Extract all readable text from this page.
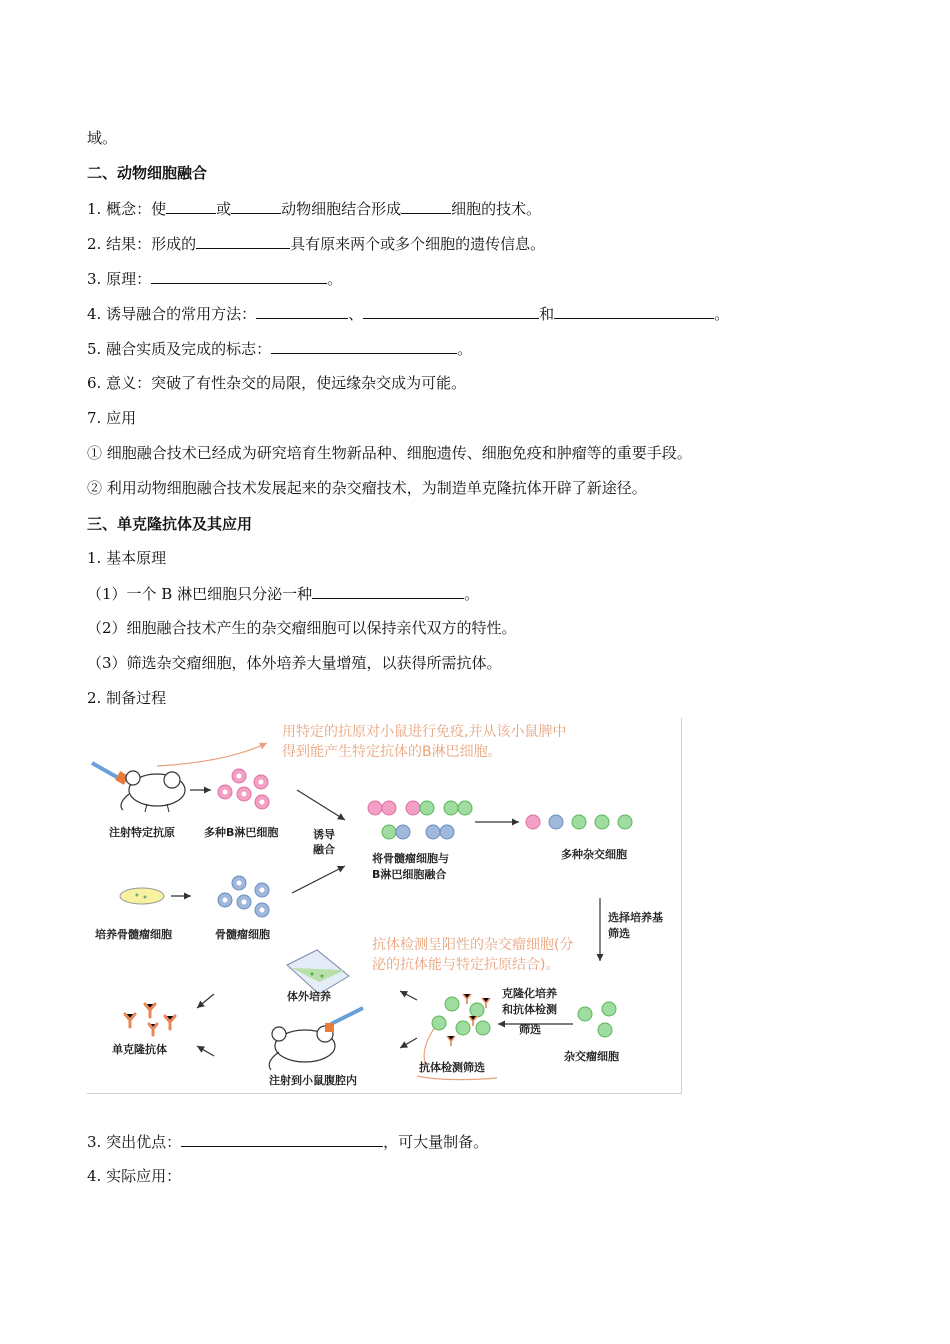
域。
二、动物细胞融合
1. 概念：使	或	动物细胞结合形成	细胞的技术。
2. 结果：形成的	具有原来两个或多个细胞的遗传信息。
3. 原理：	。
4. 诱导融合的常用方法：	、	和	。
5. 融合实质及完成的标志：	。
6. 意义：突破了有性杂交的局限，使远缘杂交成为可能。
7. 应用
① 细胞融合技术已经成为研究培育生物新品种、细胞遗传、细胞免疫和肿瘤等的重要手段。
② 利用动物细胞融合技术发展起来的杂交瘤技术，为制造单克隆抗体开辟了新途径。
三、单克隆抗体及其应用
1. 基本原理
（1）一个 B 淋巴细胞只分泌一种	。
（2）细胞融合技术产生的杂交瘤细胞可以保持亲代双方的特性。
（3）筛选杂交瘤细胞，体外培养大量增殖，以获得所需抗体。
2. 制备过程
用特定的抗原对小鼠进行免疫,并从该小鼠脾中
得到能产生特定抗体的B淋巴细胞。
注射特定抗原	多种B淋巴细胞	诱导
融合
将骨髓瘤细胞与
B淋巴细胞融合
多种杂交细胞
培养骨髓瘤细胞	骨髓瘤细胞
选择培养基
筛选
抗体检测呈阳性的杂交瘤细胞(分
泌的抗体能与特定抗原结合)。
体外培养
杂交瘤细胞
克隆化培养
和抗体检测
筛选
抗体检测筛选
注射到小鼠腹腔内
单克隆抗体
3. 突出优点：	，可大量制备。
4. 实际应用：
